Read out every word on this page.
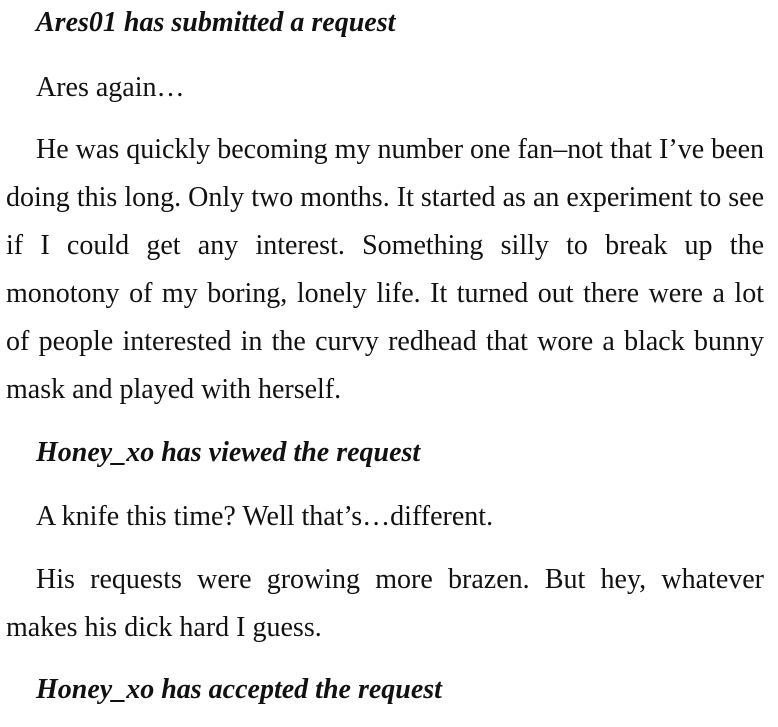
Ares01 has submitted a request

Ares again…

He was quickly becoming my number one fan–not that I’ve been doing this long. Only two months. It started as an experiment to see if I could get any interest. Something silly to break up the monotony of my boring, lonely life. It turned out there were a lot of people interested in the curvy redhead that wore a black bunny mask and played with herself.

Honey_xo has viewed the request

A knife this time? Well that’s…different.

His requests were growing more brazen. But hey, whatever makes his dick hard I guess.

Honey_xo has accepted the request
